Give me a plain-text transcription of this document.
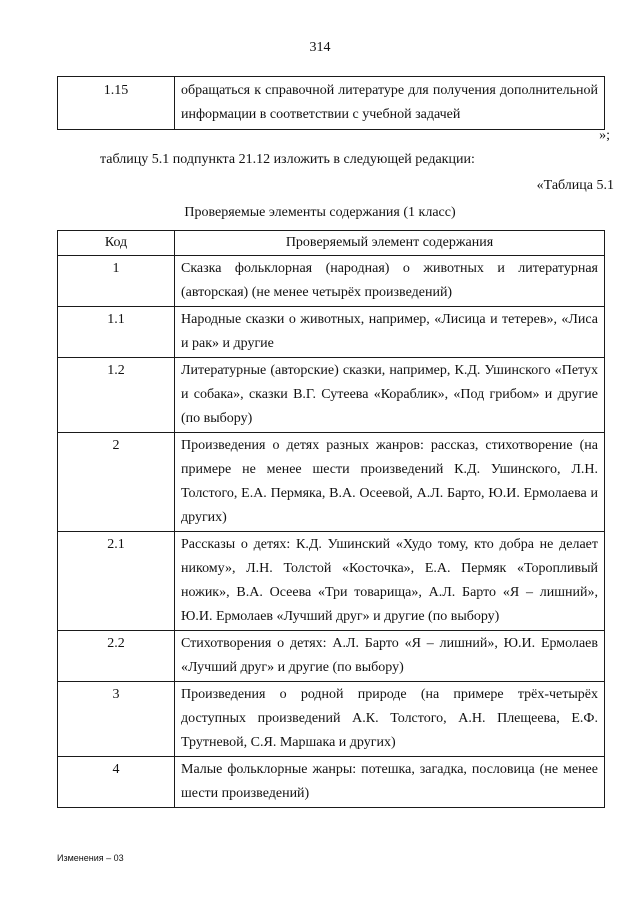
314
1.15	обращаться к справочной литературе для получения дополнительной информации в соответствии с учебной задачей
»;
таблицу 5.1 подпункта 21.12 изложить в следующей редакции:
«Таблица 5.1
Проверяемые элементы содержания (1 класс)
Код	Проверяемый элемент содержания
1	Сказка фольклорная (народная) о животных и литературная (авторская) (не менее четырёх произведений)
1.1	Народные сказки о животных, например, «Лисица и тетерев», «Лиса и рак» и другие
1.2	Литературные (авторские) сказки, например, К.Д. Ушинского «Петух и собака», сказки В.Г. Сутеева «Кораблик», «Под грибом» и другие (по выбору)
2	Произведения о детях разных жанров: рассказ, стихотворение (на примере не менее шести произведений К.Д. Ушинского, Л.Н. Толстого, Е.А. Пермяка, В.А. Осеевой, А.Л. Барто, Ю.И. Ермолаева и других)
2.1	Рассказы о детях: К.Д. Ушинский «Худо тому, кто добра не делает никому», Л.Н. Толстой «Косточка», Е.А. Пермяк «Торопливый ножик», В.А. Осеева «Три товарища», А.Л. Барто «Я – лишний», Ю.И. Ермолаев «Лучший друг» и другие (по выбору)
2.2	Стихотворения о детях: А.Л. Барто «Я – лишний», Ю.И. Ермолаев «Лучший друг» и другие (по выбору)
3	Произведения о родной природе (на примере трёх-четырёх доступных произведений А.К. Толстого, А.Н. Плещеева, Е.Ф. Трутневой, С.Я. Маршака и других)
4	Малые фольклорные жанры: потешка, загадка, пословица (не менее шести произведений)
Изменения – 03
